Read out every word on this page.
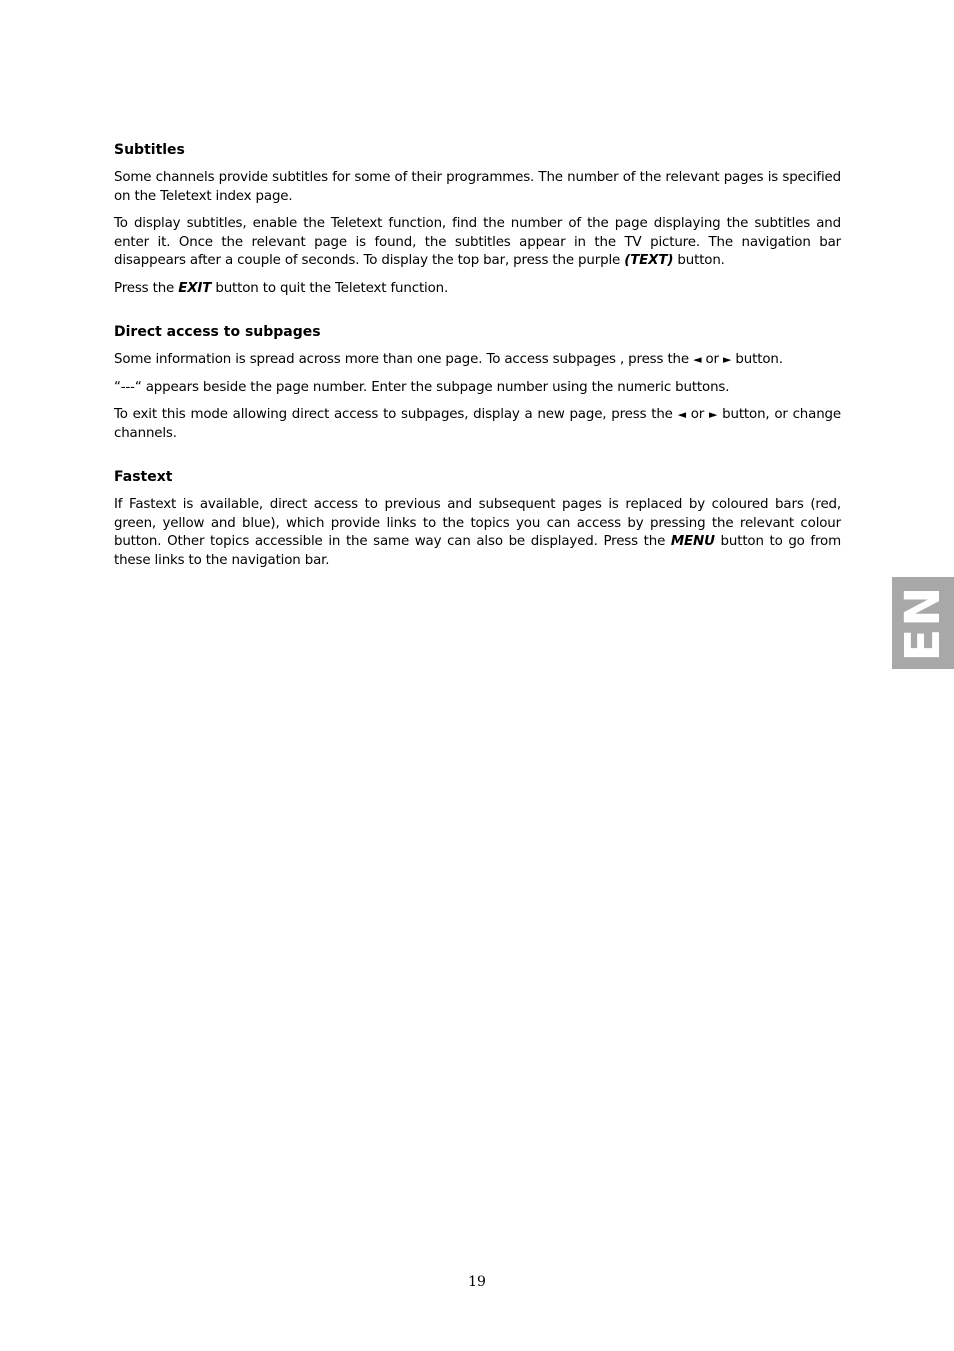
Subtitles

Some channels provide subtitles for some of their programmes. The number of the relevant pages is specified on the Teletext index page.

To display subtitles, enable the Teletext function, find the number of the page displaying the subtitles and enter it. Once the relevant page is found, the subtitles appear in the TV picture. The navigation bar disappears after a couple of seconds. To display the top bar, press the purple (TEXT) button.

Press the EXIT button to quit the Teletext function.

Direct access to subpages

Some information is spread across more than one page. To access subpages , press the ◄ or ► button.

“---“ appears beside the page number. Enter the subpage number using the numeric buttons.

To exit this mode allowing direct access to subpages, display a new page, press the ◄ or ► button, or change channels.

Fastext

If Fastext is available, direct access to previous and subsequent pages is replaced by coloured bars (red, green, yellow and blue), which provide links to the topics you can access by pressing the relevant colour button. Other topics accessible in the same way can also be displayed. Press the MENU button to go from these links to the navigation bar.

EN
19
